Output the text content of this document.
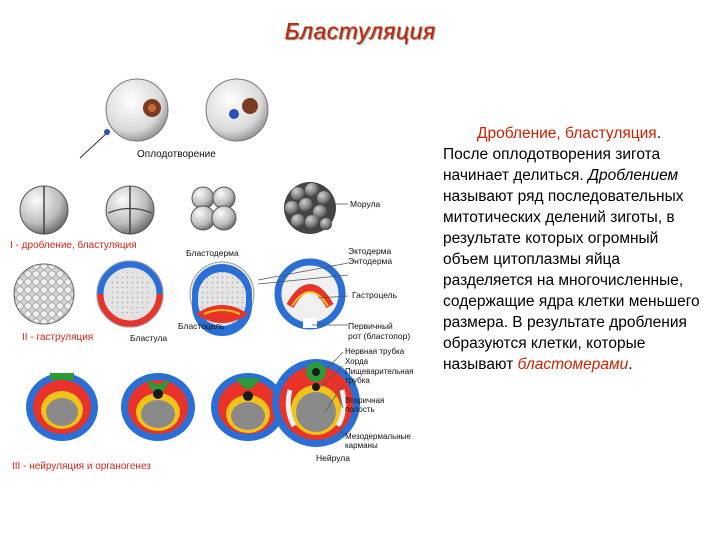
Бластуляция
Оплодотворение
Морула
I - дробление, бластуляция
Бластодерма	Эктодерма
Энтодерма
Гастроцель
Бластоцель	Первичный
рот (бластопор)
II - гаструляция	Бластула
Нервная трубка
Хорда
Пищеварительная
трубка
Вторичная
полость
Мезодермальные
карманы
Нейрула
III - нейруляция и органогенез
Дробление, бластуляция. После оплодотворения зигота начинает делиться. Дроблением называют ряд последовательных митотических делений зиготы, в результате которых огромный объем цитоплазмы яйца разделяется на многочисленные, содержащие ядра клетки меньшего размера. В результате дробления образуются клетки, которые называют бластомерами.
